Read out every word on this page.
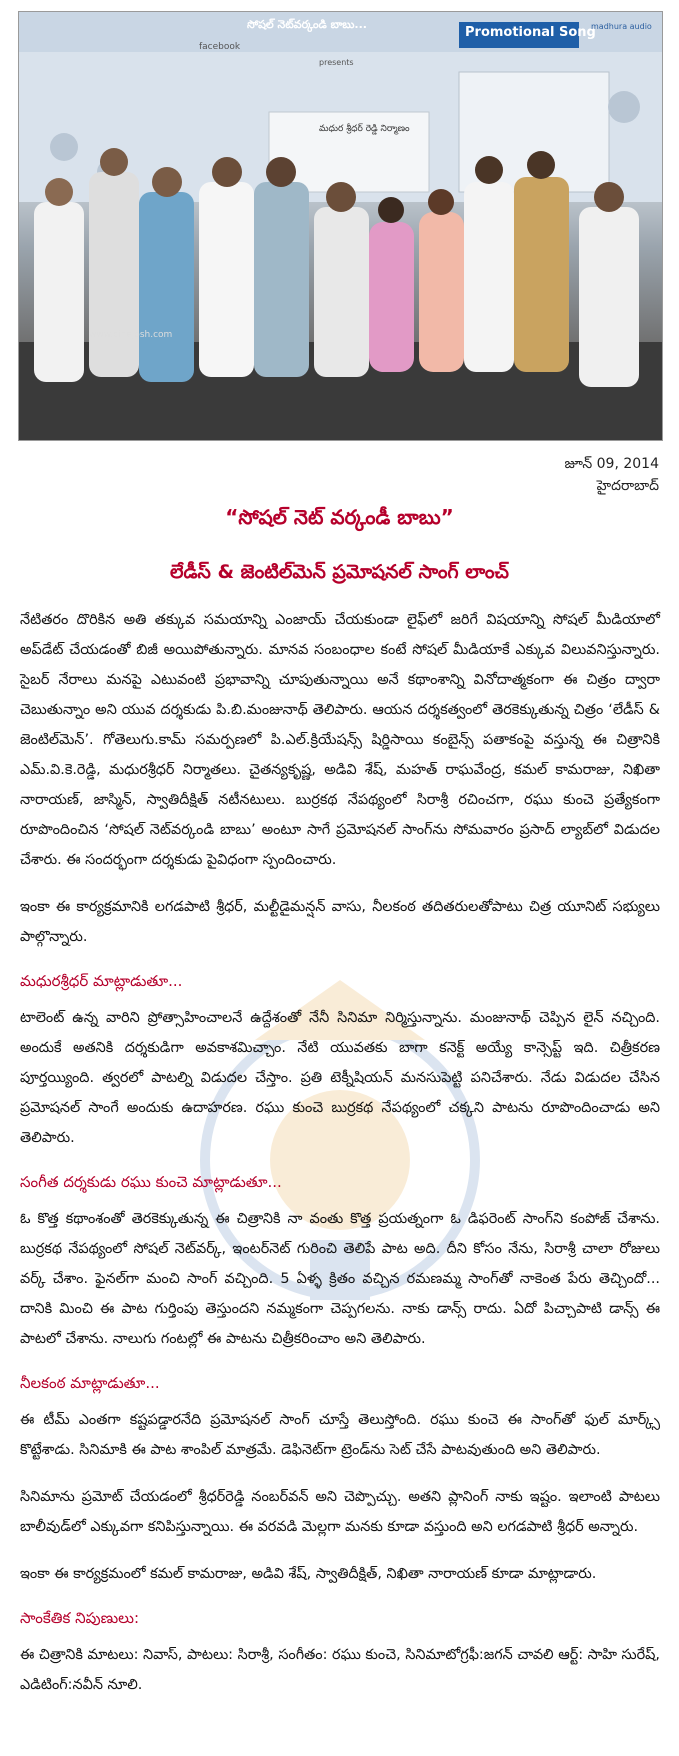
సోషల్ నెట్‌వర్కండి బాబు...
Promotional Song
madhura audio
facebook
presents
మధుర శ్రీధర్ రెడ్డి నిర్మాణం
www.cinejosh.com
జూన్ 09, 2014
హైదరాబాద్
“సోషల్ నెట్ వర్కండీ బాబు”
లేడీస్ & జెంటిల్‌మెన్ ప్రమోషనల్ సాంగ్ లాంచ్

నేటితరం దొరికిన అతి తక్కువ సమయాన్ని ఎంజాయ్ చేయకుండా లైఫ్‌లో జరిగే విషయాన్ని సోషల్ మీడియాలో అప్‌డేట్ చేయడంతో బిజీ అయిపోతున్నారు. మానవ సంబంధాల కంటే సోషల్ మీడియాకే ఎక్కువ విలువనిస్తున్నారు. సైబర్ నేరాలు మనపై ఎటువంటి ప్రభావాన్ని చూపుతున్నాయి అనే కథాంశాన్ని వినోదాత్మకంగా ఈ చిత్రం ద్వారా చెబుతున్నాం అని యువ దర్శకుడు పి.బి.మంజునాథ్ తెలిపారు. ఆయన దర్శకత్వంలో తెరకెక్కుతున్న చిత్రం ‘లేడీస్ & జెంటిల్‌మెన్’. గోతెలుగు.కామ్ సమర్పణలో పి.ఎల్.క్రియేషన్స్ షిర్డిసాయి కంబైన్స్ పతాకంపై వస్తున్న ఈ చిత్రానికి ఎమ్.వి.కె.రెడ్డి, మధుర‌శ్రీధర్ నిర్మాతలు. చైతన్యకృష్ణ, అడివి శేష్, మహత్ రాఘవేంద్ర, కమల్ కామరాజు, నిఖితా నారాయణ్, జాస్మిన్, స్వాతిదీక్షిత్ నటీనటులు. బుర్రకథ నేపథ్యంలో సిరాశ్రీ రచించగా, రఘు కుంచె ప్రత్యేకంగా రూపొందించిన ‘సోషల్ నెట్‌వర్కండి బాబు’ అంటూ సాగే ప్రమోషనల్ సాంగ్‌ను సోమవారం ప్రసాద్ ల్యాబ్‌లో విడుదల చేశారు. ఈ సందర్భంగా దర్శకుడు పైవిధంగా స్పందించారు.

ఇంకా ఈ కార్యక్రమానికి లగడపాటి శ్రీధర్, మల్టీడైమన్షన్ వాసు, నీలకంఠ తదితరులతోపాటు చిత్ర యూనిట్ సభ్యులు పాల్గొన్నారు.

మధుర‌శ్రీధర్ మాట్లాడుతూ...

టాలెంట్ ఉన్న వారిని ప్రోత్సాహించాలనే ఉద్దేశంతో నేనీ సినిమా నిర్మిస్తున్నాను. మంజునాథ్ చెప్పిన లైన్ నచ్చింది. అందుకే అతనికి దర్శకుడిగా అవకాశమిచ్చాం. నేటి యువతకు బాగా కనెక్ట్ అయ్యే కాన్సెప్ట్ ఇది. చిత్రీకరణ పూర్తయ్యింది. త్వరలో పాటల్ని విడుదల చేస్తాం. ప్రతి టెక్నీషియన్ మనసుపెట్టి పనిచేశారు. నేడు విడుదల చేసిన ప్రమోషనల్ సాంగే అందుకు ఉదాహరణ. రఘు కుంచె బుర్రకథ నేపథ్యంలో చక్కని పాటను రూపొందించాడు అని తెలిపారు.

సంగీత దర్శకుడు రఘు కుంచె మాట్లాడుతూ...

ఓ కొత్త కథాంశంతో తెరకెక్కుతున్న ఈ చిత్రానికి నా వంతు కొత్త ప్రయత్నంగా ఓ డిఫరెంట్ సాంగ్‌ని కంపోజ్ చేశాను. బుర్రకథ నేపథ్యంలో సోషల్ నెట్‌వర్క్, ఇంటర్‌నెట్ గురించి తెలిపే పాట అది. దీని కోసం నేను, సిరాశ్రీ చాలా రోజులు వర్క్ చేశాం. ఫైనల్‌గా మంచి సాంగ్ వచ్చింది. 5 ఏళ్ళ క్రితం వచ్చిన రమణమ్మ సాంగ్‌తో నాకెంత పేరు తెచ్చిందో... దానికి మించి ఈ పాట గుర్తింపు తెస్తుందని నమ్మకంగా చెప్పగలను. నాకు డాన్స్ రాదు. ఏదో పిచ్చాపాటి డాన్స్ ఈ పాటలో చేశాను. నాలుగు గంటల్లో ఈ పాటను చిత్రీకరించాం అని తెలిపారు.

నీలకంఠ మాట్లాడుతూ...

ఈ టీమ్ ఎంతగా కష్టపడ్డారనేది ప్రమోషనల్ సాంగ్ చూస్తే తెలుస్తోంది. రఘు కుంచె ఈ సాంగ్‌తో ఫుల్ మార్క్స్ కొట్టేశాడు. సినిమాకి ఈ పాట శాంపిల్ మాత్రమే. డెఫినెట్‌గా ట్రెండ్‌ను సెట్ చేసే పాటవుతుంది అని తెలిపారు.

సినిమాను ప్రమోట్ చేయడంలో శ్రీధర్‌రెడ్డి నంబర్‌వన్ అని చెప్పొచ్చు. అతని ప్లానింగ్ నాకు ఇష్టం. ఇలాంటి పాటలు బాలీవుడ్‌లో ఎక్కువగా కనిపిస్తున్నాయి. ఈ వరవడి మెల్లగా మనకు కూడా వస్తుంది అని లగడపాటి శ్రీధర్ అన్నారు.

ఇంకా ఈ కార్యక్రమంలో కమల్ కామరాజు, అడివి శేష్, స్వాతిదీక్షిత్, నిఖితా నారాయణ్ కూడా మాట్లాడారు.

సాంకేతిక నిపుణులు:

ఈ చిత్రానికి మాటలు: నివాస్, పాటలు: సిరాశ్రీ, సంగీతం: రఘు కుంచె, సినిమాటోగ్రఫీ:జగన్ చావలి ఆర్ట్: సాహి సురేష్, ఎడిటింగ్:నవీన్ నూలి.
